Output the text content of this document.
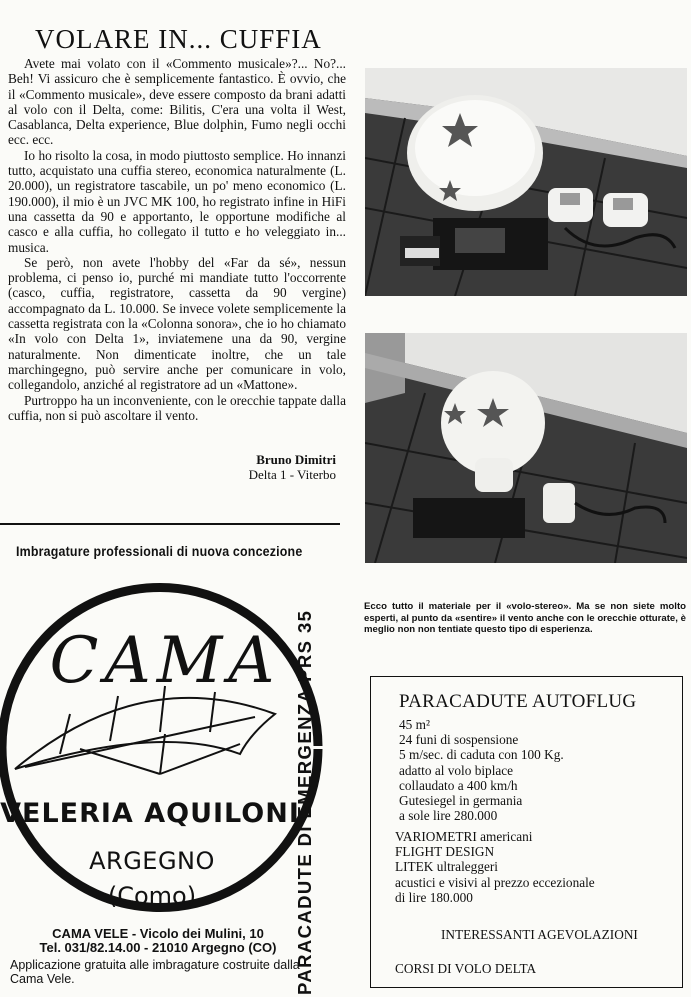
VOLARE IN... CUFFIA

Avete mai volato con il «Commento musicale»?... No?... Beh! Vi assicuro che è semplicemente fantastico. È ovvio, che il «Commento musicale», deve essere composto da brani adatti al volo con il Delta, come: Bilitis, C'era una volta il West, Casablanca, Delta experience, Blue dolphin, Fumo negli occhi ecc. ecc.

Io ho risolto la cosa, in modo piuttosto semplice. Ho innanzi tutto, acquistato una cuffia stereo, economica naturalmente (L. 20.000), un registratore tascabile, un po' meno economico (L. 190.000), il mio è un JVC MK 100, ho registrato infine in HiFi una cassetta da 90 e apportanto, le opportune modifiche al casco e alla cuffia, ho collegato il tutto e ho veleggiato in... musica.

Se però, non avete l'hobby del «Far da sé», nessun problema, ci penso io, purché mi mandiate tutto l'occorrente (casco, cuffia, registratore, cassetta da 90 vergine) accompagnato da L. 10.000. Se invece volete semplicemente la cassetta registrata con la «Colonna sonora», che io ho chiamato «In volo con Delta 1», inviatemene una da 90, vergine naturalmente. Non dimenticate inoltre, che un tale marchingegno, può servire anche per comunicare in volo, collegandolo, anziché al registratore ad un «Mattone».

Purtroppo ha un inconveniente, con le orecchie tappate dalla cuffia, non si può ascoltare il vento.

Bruno Dimitri
Delta 1 - Viterbo
Ecco tutto il materiale per il «volo-stereo». Ma se non siete molto esperti, al punto da «sentire» il vento anche con le orecchie otturate, è meglio non non tentiate questo tipo di esperienza.
Imbragature professionali di nuova concezione
CAMA
VELERIA AQUILONI
ARGEGNO
(Como)
CAMA VELE - Vicolo dei Mulini, 10
Tel. 031/82.14.00 - 21010 Argegno (CO)
Applicazione gratuita alle imbragature costruite dalla Cama Vele.	PARACADUTE DI EMERGENZA PRS 35	PARACADUTE AUTOFLUG
45 m²
24 funi di sospensione
5 m/sec. di caduta con 100 Kg.
adatto al volo biplace
collaudato a 400 km/h
Gutesiegel in germania
a sole lire 280.000
VARIOMETRI americani
FLIGHT DESIGN
LITEK ultraleggeri
acustici e visivi al prezzo eccezionale
di lire 180.000
INTERESSANTI AGEVOLAZIONI
CORSI DI VOLO DELTA
